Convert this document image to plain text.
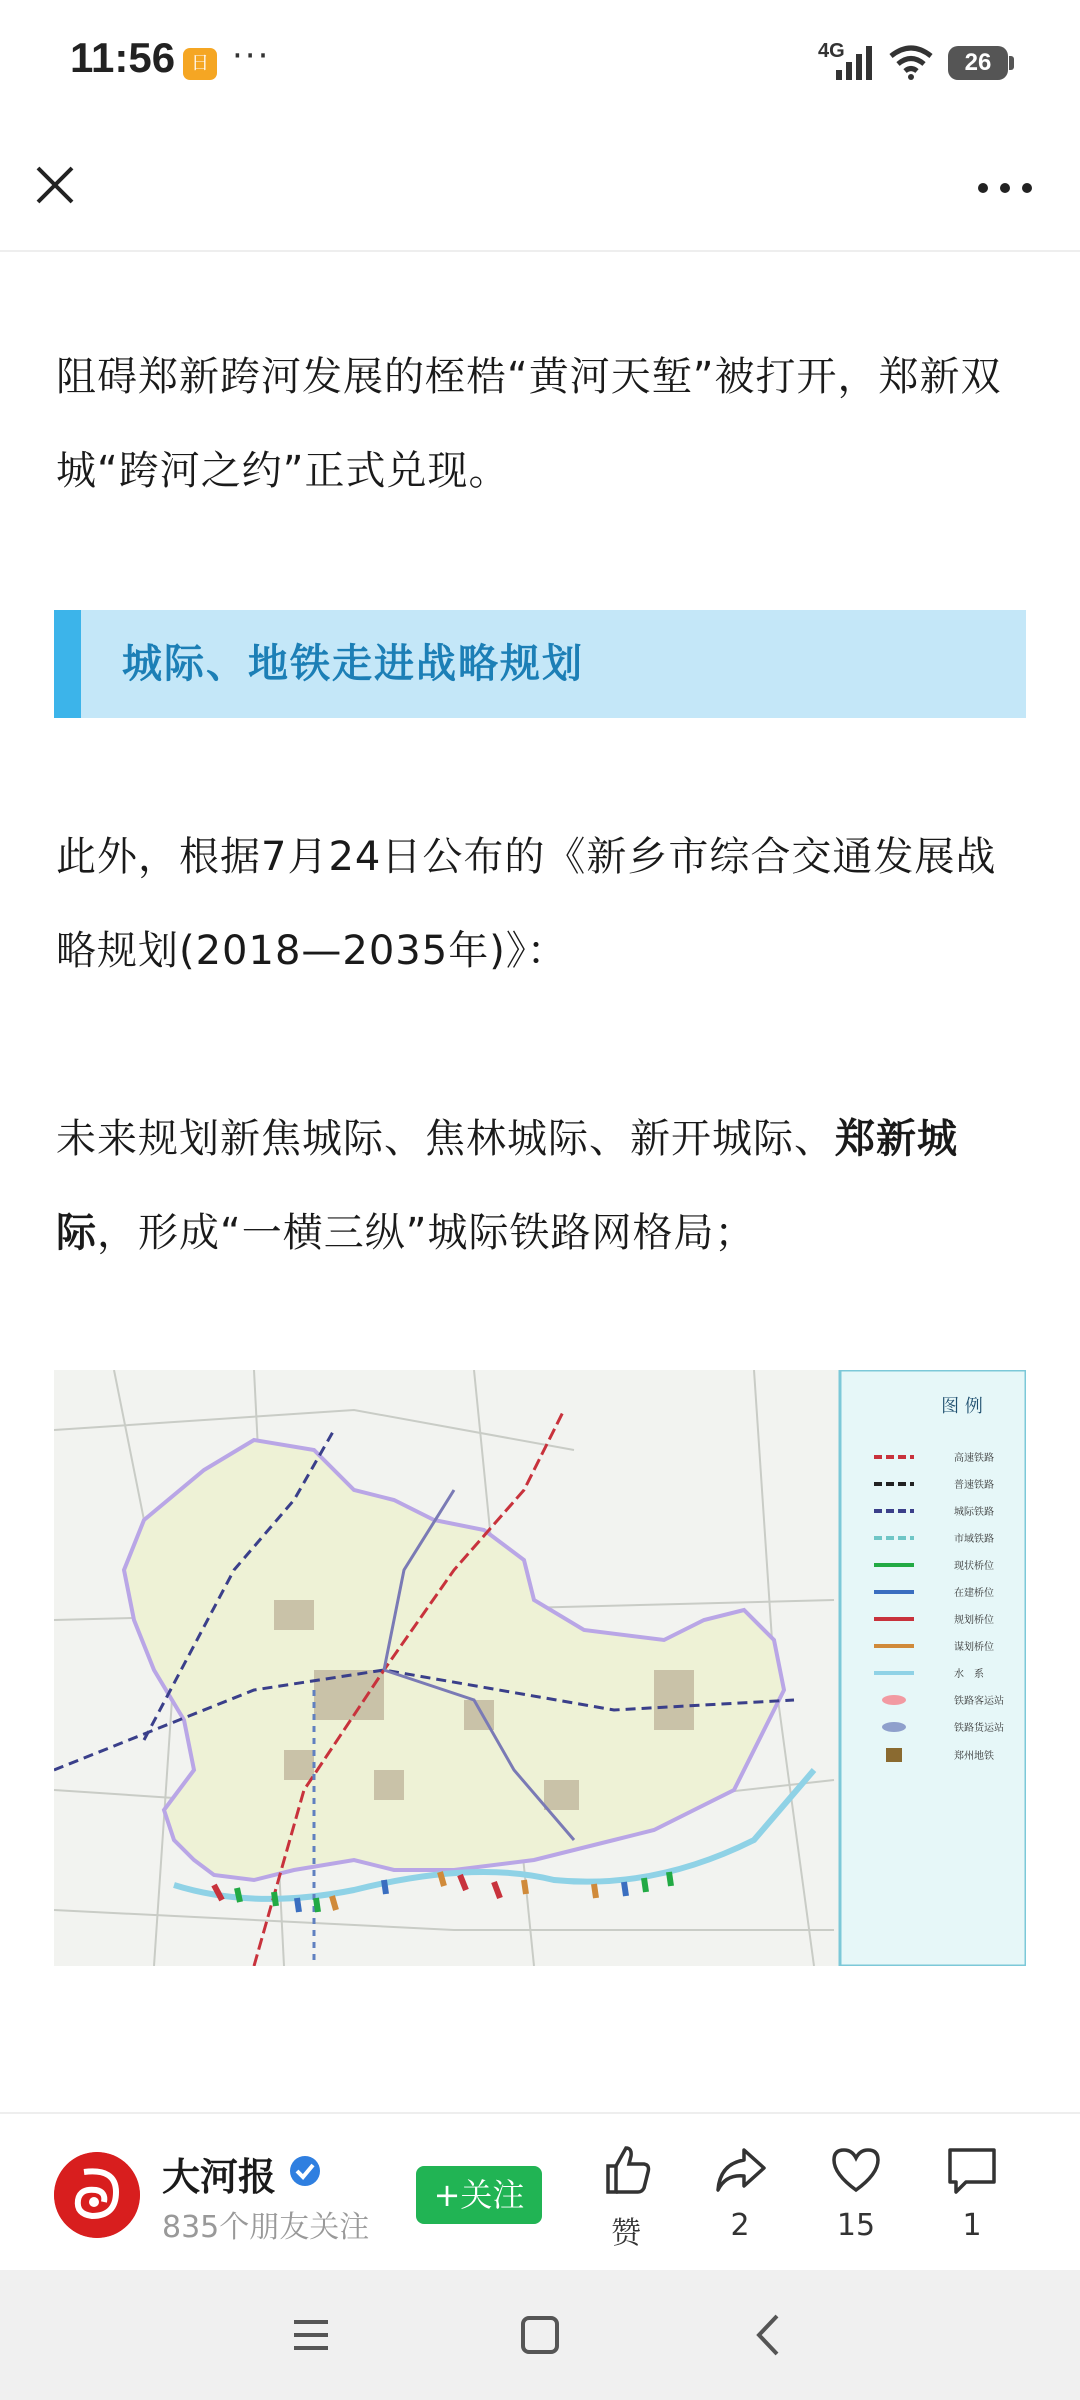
11:56 日 ···	4G	26

阻碍郑新跨河发展的桎梏“黄河天堑”被打开，郑新双城“跨河之约”正式兑现。

城际、地铁走进战略规划

此外，根据7月24日公布的《新乡市综合交通发展战略规划(2018—2035年)》：

未来规划新焦城际、焦林城际、新开城际、郑新城际，形成“一横三纵”城际铁路网格局；

图 例
高速铁路
普速铁路
城际铁路
市域铁路
现状桥位
在建桥位
规划桥位
谋划桥位
水　系
铁路客运站
铁路货运站
郑州地铁
大河报
835个朋友关注
+关注
赞	2	15	1
